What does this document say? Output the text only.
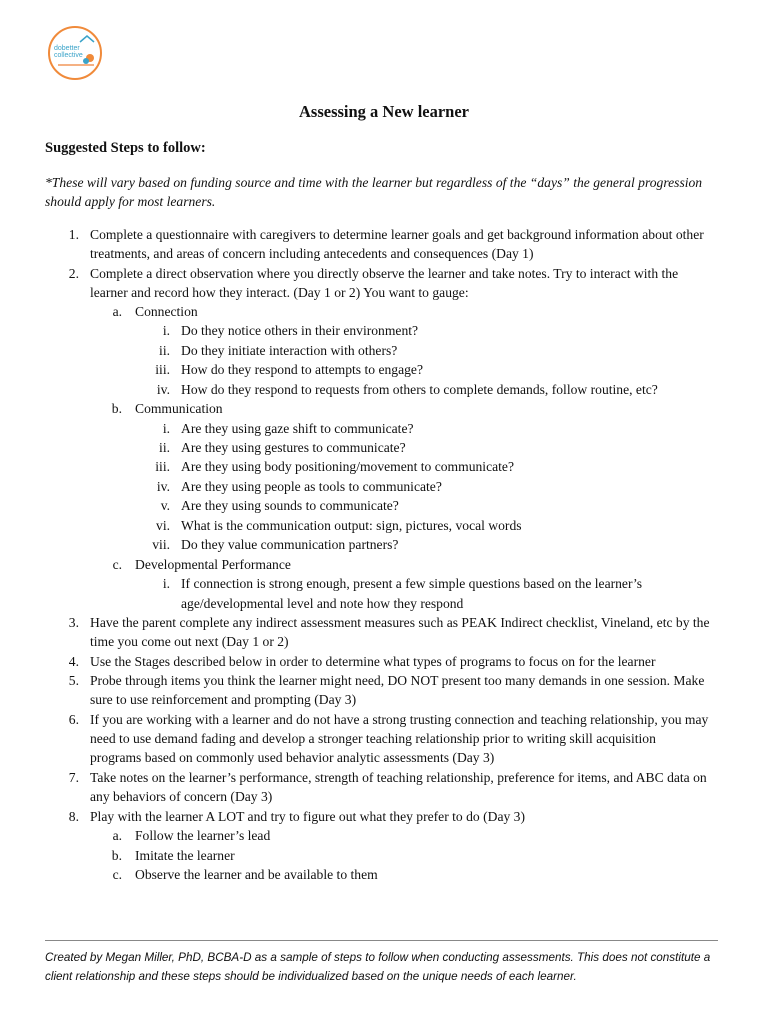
dobetter collective
Assessing a New learner
Suggested Steps to follow:
*These will vary based on funding source and time with the learner but regardless of the “days” the general progression should apply for most learners.
1. Complete a questionnaire with caregivers to determine learner goals and get background information about other
treatments, and areas of concern including antecedents and consequences (Day 1)
2. Complete a direct observation where you directly observe the learner and take notes. Try to interact with the
learner and record how they interact. (Day 1 or 2) You want to gauge:
a. Connection
i. Do they notice others in their environment?
ii. Do they initiate interaction with others?
iii. How do they respond to attempts to engage?
iv. How do they respond to requests from others to complete demands, follow routine, etc?
b. Communication
i. Are they using gaze shift to communicate?
ii. Are they using gestures to communicate?
iii. Are they using body positioning/movement to communicate?
iv. Are they using people as tools to communicate?
v. Are they using sounds to communicate?
vi. What is the communication output: sign, pictures, vocal words
vii. Do they value communication partners?
c. Developmental Performance
i. If connection is strong enough, present a few simple questions based on the learner’s
age/developmental level and note how they respond
3. Have the parent complete any indirect assessment measures such as PEAK Indirect checklist, Vineland, etc by the
time you come out next (Day 1 or 2)
4. Use the Stages described below in order to determine what types of programs to focus on for the learner
5. Probe through items you think the learner might need, DO NOT present too many demands in one session. Make
sure to use reinforcement and prompting (Day 3)
6. If you are working with a learner and do not have a strong trusting connection and teaching relationship, you may
need to use demand fading and develop a stronger teaching relationship prior to writing skill acquisition
programs based on commonly used behavior analytic assessments (Day 3)
7. Take notes on the learner’s performance, strength of teaching relationship, preference for items, and ABC data on
any behaviors of concern (Day 3)
8. Play with the learner A LOT and try to figure out what they prefer to do (Day 3)
a. Follow the learner’s lead
b. Imitate the learner
c. Observe the learner and be available to them
Created by Megan Miller, PhD, BCBA-D as a sample of steps to follow when conducting assessments. This does not constitute a client relationship and these steps should be individualized based on the unique needs of each learner.
